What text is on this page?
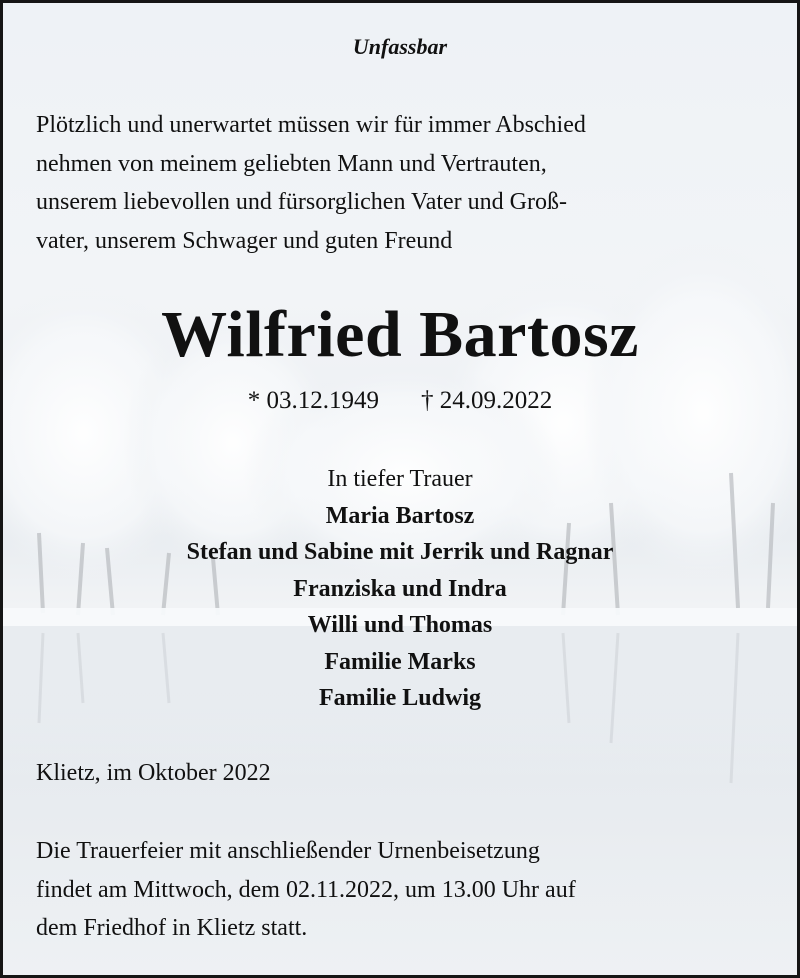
Unfassbar
Plötzlich und unerwartet müssen wir für immer Abschied
nehmen von meinem geliebten Mann und Vertrauten,
unserem liebevollen und fürsorglichen Vater und Groß-
vater, unserem Schwager und guten Freund
Wilfried Bartosz
* 03.12.1949 † 24.09.2022
In tiefer Trauer
Maria Bartosz
Stefan und Sabine mit Jerrik und Ragnar
Franziska und Indra
Willi und Thomas
Familie Marks
Familie Ludwig
Klietz, im Oktober 2022
Die Trauerfeier mit anschließender Urnenbeisetzung
findet am Mittwoch, dem 02.11.2022, um 13.00 Uhr auf
dem Friedhof in Klietz statt.
